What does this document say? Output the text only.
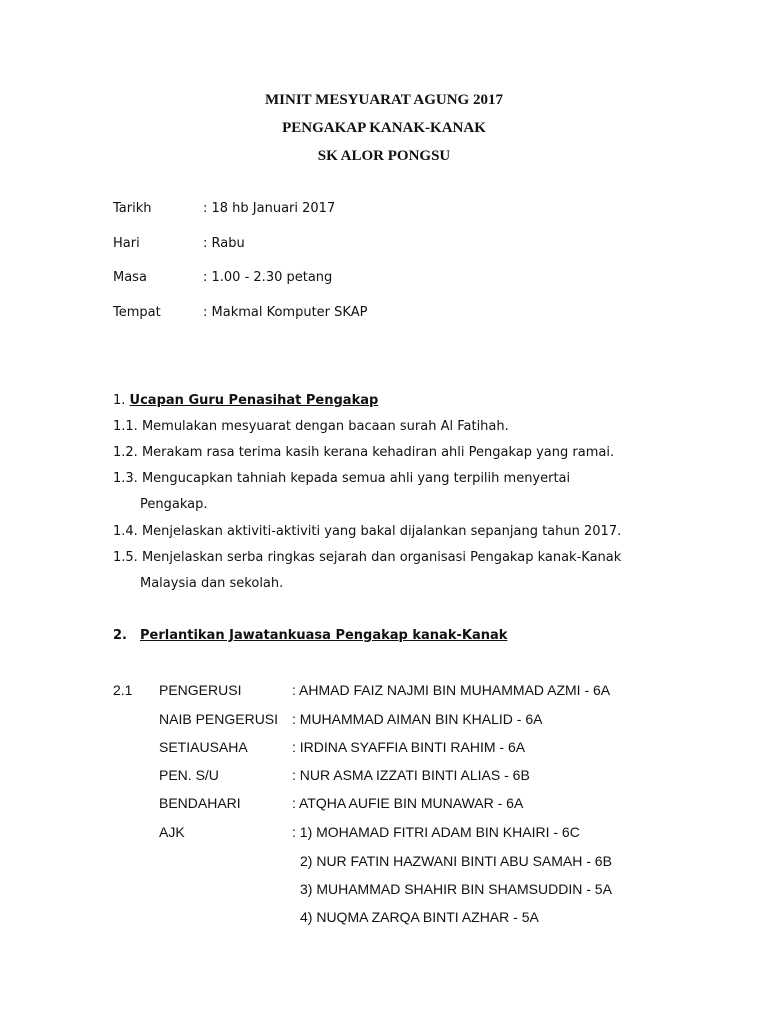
MINIT MESYUARAT AGUNG 2017
PENGAKAP KANAK-KANAK
SK ALOR PONGSU
Tarikh	: 18 hb Januari 2017
Hari	: Rabu
Masa	: 1.00 - 2.30 petang
Tempat	: Makmal Komputer SKAP
1. Ucapan Guru Penasihat Pengakap
1.1. Memulakan mesyuarat dengan bacaan surah Al Fatihah.
1.2. Merakam rasa terima kasih kerana kehadiran ahli Pengakap yang ramai.
1.3. Mengucapkan tahniah kepada semua ahli yang terpilih menyertai
Pengakap.
1.4. Menjelaskan aktiviti-aktiviti yang bakal dijalankan sepanjang tahun 2017.
1.5. Menjelaskan serba ringkas sejarah dan organisasi Pengakap kanak-Kanak
Malaysia dan sekolah.
2. Perlantikan Jawatankuasa Pengakap kanak-Kanak
2.1 PENGERUSI	: AHMAD FAIZ NAJMI BIN MUHAMMAD AZMI - 6A
NAIB PENGERUSI : MUHAMMAD AIMAN BIN KHALID - 6A
SETIAUSAHA	: IRDINA SYAFFIA BINTI RAHIM - 6A
PEN. S/U	: NUR ASMA IZZATI BINTI ALIAS - 6B
BENDAHARI	: ATQHA AUFIE BIN MUNAWAR - 6A
AJK	: 1) MOHAMAD FITRI ADAM BIN KHAIRI - 6C
2) NUR FATIN HAZWANI BINTI ABU SAMAH - 6B
3) MUHAMMAD SHAHIR BIN SHAMSUDDIN - 5A
4) NUQMA ZARQA BINTI AZHAR - 5A
